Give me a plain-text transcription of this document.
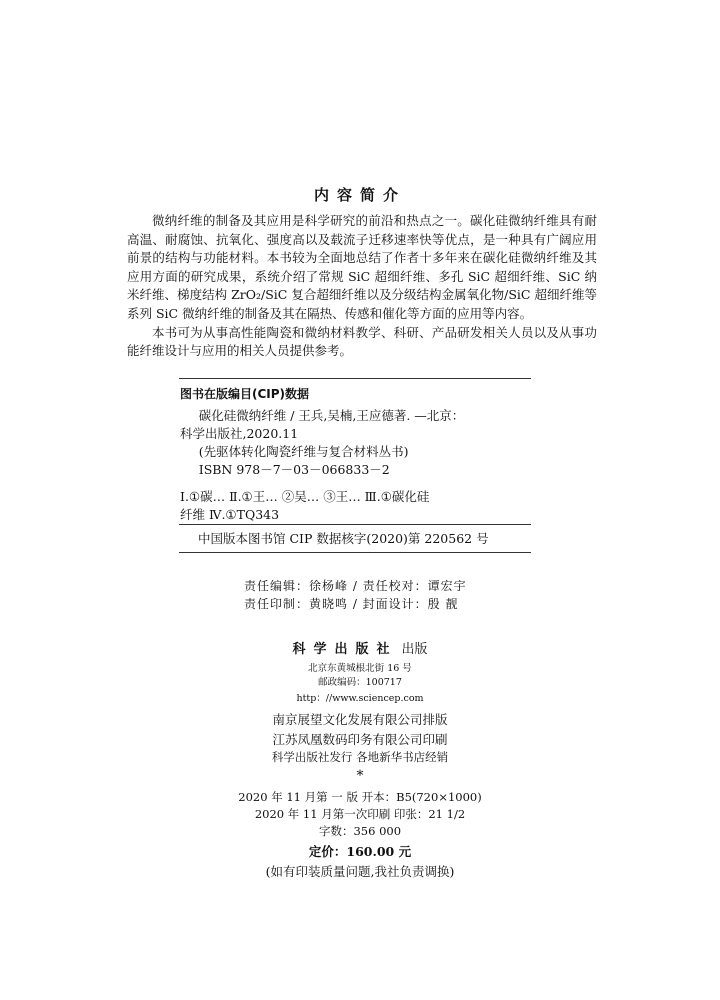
内容简介

微纳纤维的制备及其应用是科学研究的前沿和热点之一。碳化硅微纳纤维具有耐高温、耐腐蚀、抗氧化、强度高以及载流子迁移速率快等优点，是一种具有广阔应用前景的结构与功能材料。本书较为全面地总结了作者十多年来在碳化硅微纳纤维及其应用方面的研究成果，系统介绍了常规 SiC 超细纤维、多孔 SiC 超细纤维、SiC 纳米纤维、梯度结构 ZrO₂/SiC 复合超细纤维以及分级结构金属氧化物/SiC 超细纤维等系列 SiC 微纳纤维的制备及其在隔热、传感和催化等方面的应用等内容。

本书可为从事高性能陶瓷和微纳材料教学、科研、产品研发相关人员以及从事功能纤维设计与应用的相关人员提供参考。

图书在版编目(CIP)数据
碳化硅微纳纤维 / 王兵,吴楠,王应德著. —北京：
科学出版社,2020.11
(先驱体转化陶瓷纤维与复合材料丛书)
ISBN 978－7－03－066833－2
Ⅰ.①碳… Ⅱ.①王… ②吴… ③王… Ⅲ.①碳化硅
纤维 Ⅳ.①TQ343
中国版本图书馆 CIP 数据核字(2020)第 220562 号
责任编辑：徐杨峰 / 责任校对：谭宏宇
责任印制：黄晓鸣 / 封面设计：殷 靓
科学出版社 出版
北京东黄城根北街 16 号
邮政编码：100717
http：//www.sciencep.com
南京展望文化发展有限公司排版
江苏凤凰数码印务有限公司印刷
科学出版社发行 各地新华书店经销
*
2020 年 11 月第 一 版 开本：B5(720×1000)
2020 年 11 月第一次印刷 印张：21 1/2
字数：356 000
定价：160.00 元
(如有印装质量问题,我社负责调换)
